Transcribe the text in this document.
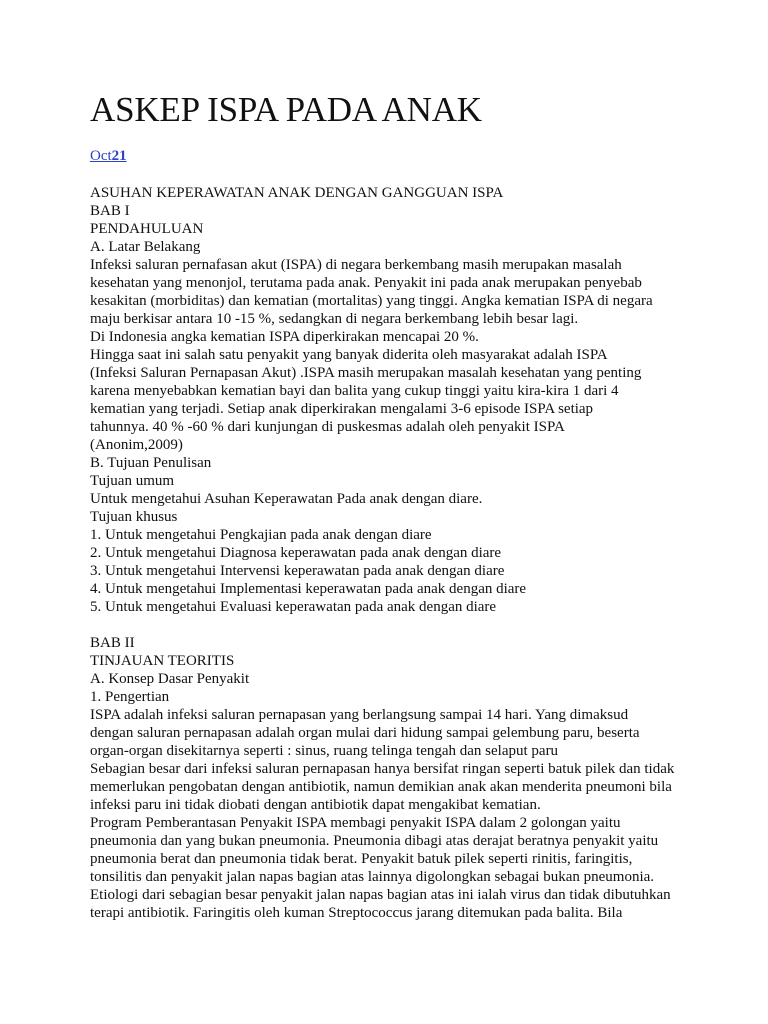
ASKEP ISPA PADA ANAK
Oct21
ASUHAN KEPERAWATAN ANAK DENGAN GANGGUAN ISPA
BAB I
PENDAHULUAN
A. Latar Belakang
Infeksi saluran pernafasan akut (ISPA) di negara berkembang masih merupakan masalah
kesehatan yang menonjol, terutama pada anak. Penyakit ini pada anak merupakan penyebab
kesakitan (morbiditas) dan kematian (mortalitas) yang tinggi. Angka kematian ISPA di negara
maju berkisar antara 10 -15 %, sedangkan di negara berkembang lebih besar lagi.
Di Indonesia angka kematian ISPA diperkirakan mencapai 20 %.
Hingga saat ini salah satu penyakit yang banyak diderita oleh masyarakat adalah ISPA
(Infeksi Saluran Pernapasan Akut) .ISPA masih merupakan masalah kesehatan yang penting
karena menyebabkan kematian bayi dan balita yang cukup tinggi yaitu kira-kira 1 dari 4
kematian yang terjadi. Setiap anak diperkirakan mengalami 3-6 episode ISPA setiap
tahunnya. 40 % -60 % dari kunjungan di puskesmas adalah oleh penyakit ISPA
(Anonim,2009)
B. Tujuan Penulisan
Tujuan umum
Untuk mengetahui Asuhan Keperawatan Pada anak dengan diare.
Tujuan khusus
1. Untuk mengetahui Pengkajian pada anak dengan diare
2. Untuk mengetahui Diagnosa keperawatan pada anak dengan diare
3. Untuk mengetahui Intervensi keperawatan pada anak dengan diare
4. Untuk mengetahui Implementasi keperawatan pada anak dengan diare
5. Untuk mengetahui Evaluasi keperawatan pada anak dengan diare
BAB II
TINJAUAN TEORITIS
A. Konsep Dasar Penyakit
1. Pengertian
ISPA adalah infeksi saluran pernapasan yang berlangsung sampai 14 hari. Yang dimaksud
dengan saluran pernapasan adalah organ mulai dari hidung sampai gelembung paru, beserta
organ-organ disekitarnya seperti : sinus, ruang telinga tengah dan selaput paru
Sebagian besar dari infeksi saluran pernapasan hanya bersifat ringan seperti batuk pilek dan tidak
memerlukan pengobatan dengan antibiotik, namun demikian anak akan menderita pneumoni bila
infeksi paru ini tidak diobati dengan antibiotik dapat mengakibat kematian.
Program Pemberantasan Penyakit ISPA membagi penyakit ISPA dalam 2 golongan yaitu
pneumonia dan yang bukan pneumonia. Pneumonia dibagi atas derajat beratnya penyakit yaitu
pneumonia berat dan pneumonia tidak berat. Penyakit batuk pilek seperti rinitis, faringitis,
tonsilitis dan penyakit jalan napas bagian atas lainnya digolongkan sebagai bukan pneumonia.
Etiologi dari sebagian besar penyakit jalan napas bagian atas ini ialah virus dan tidak dibutuhkan
terapi antibiotik. Faringitis oleh kuman Streptococcus jarang ditemukan pada balita. Bila
